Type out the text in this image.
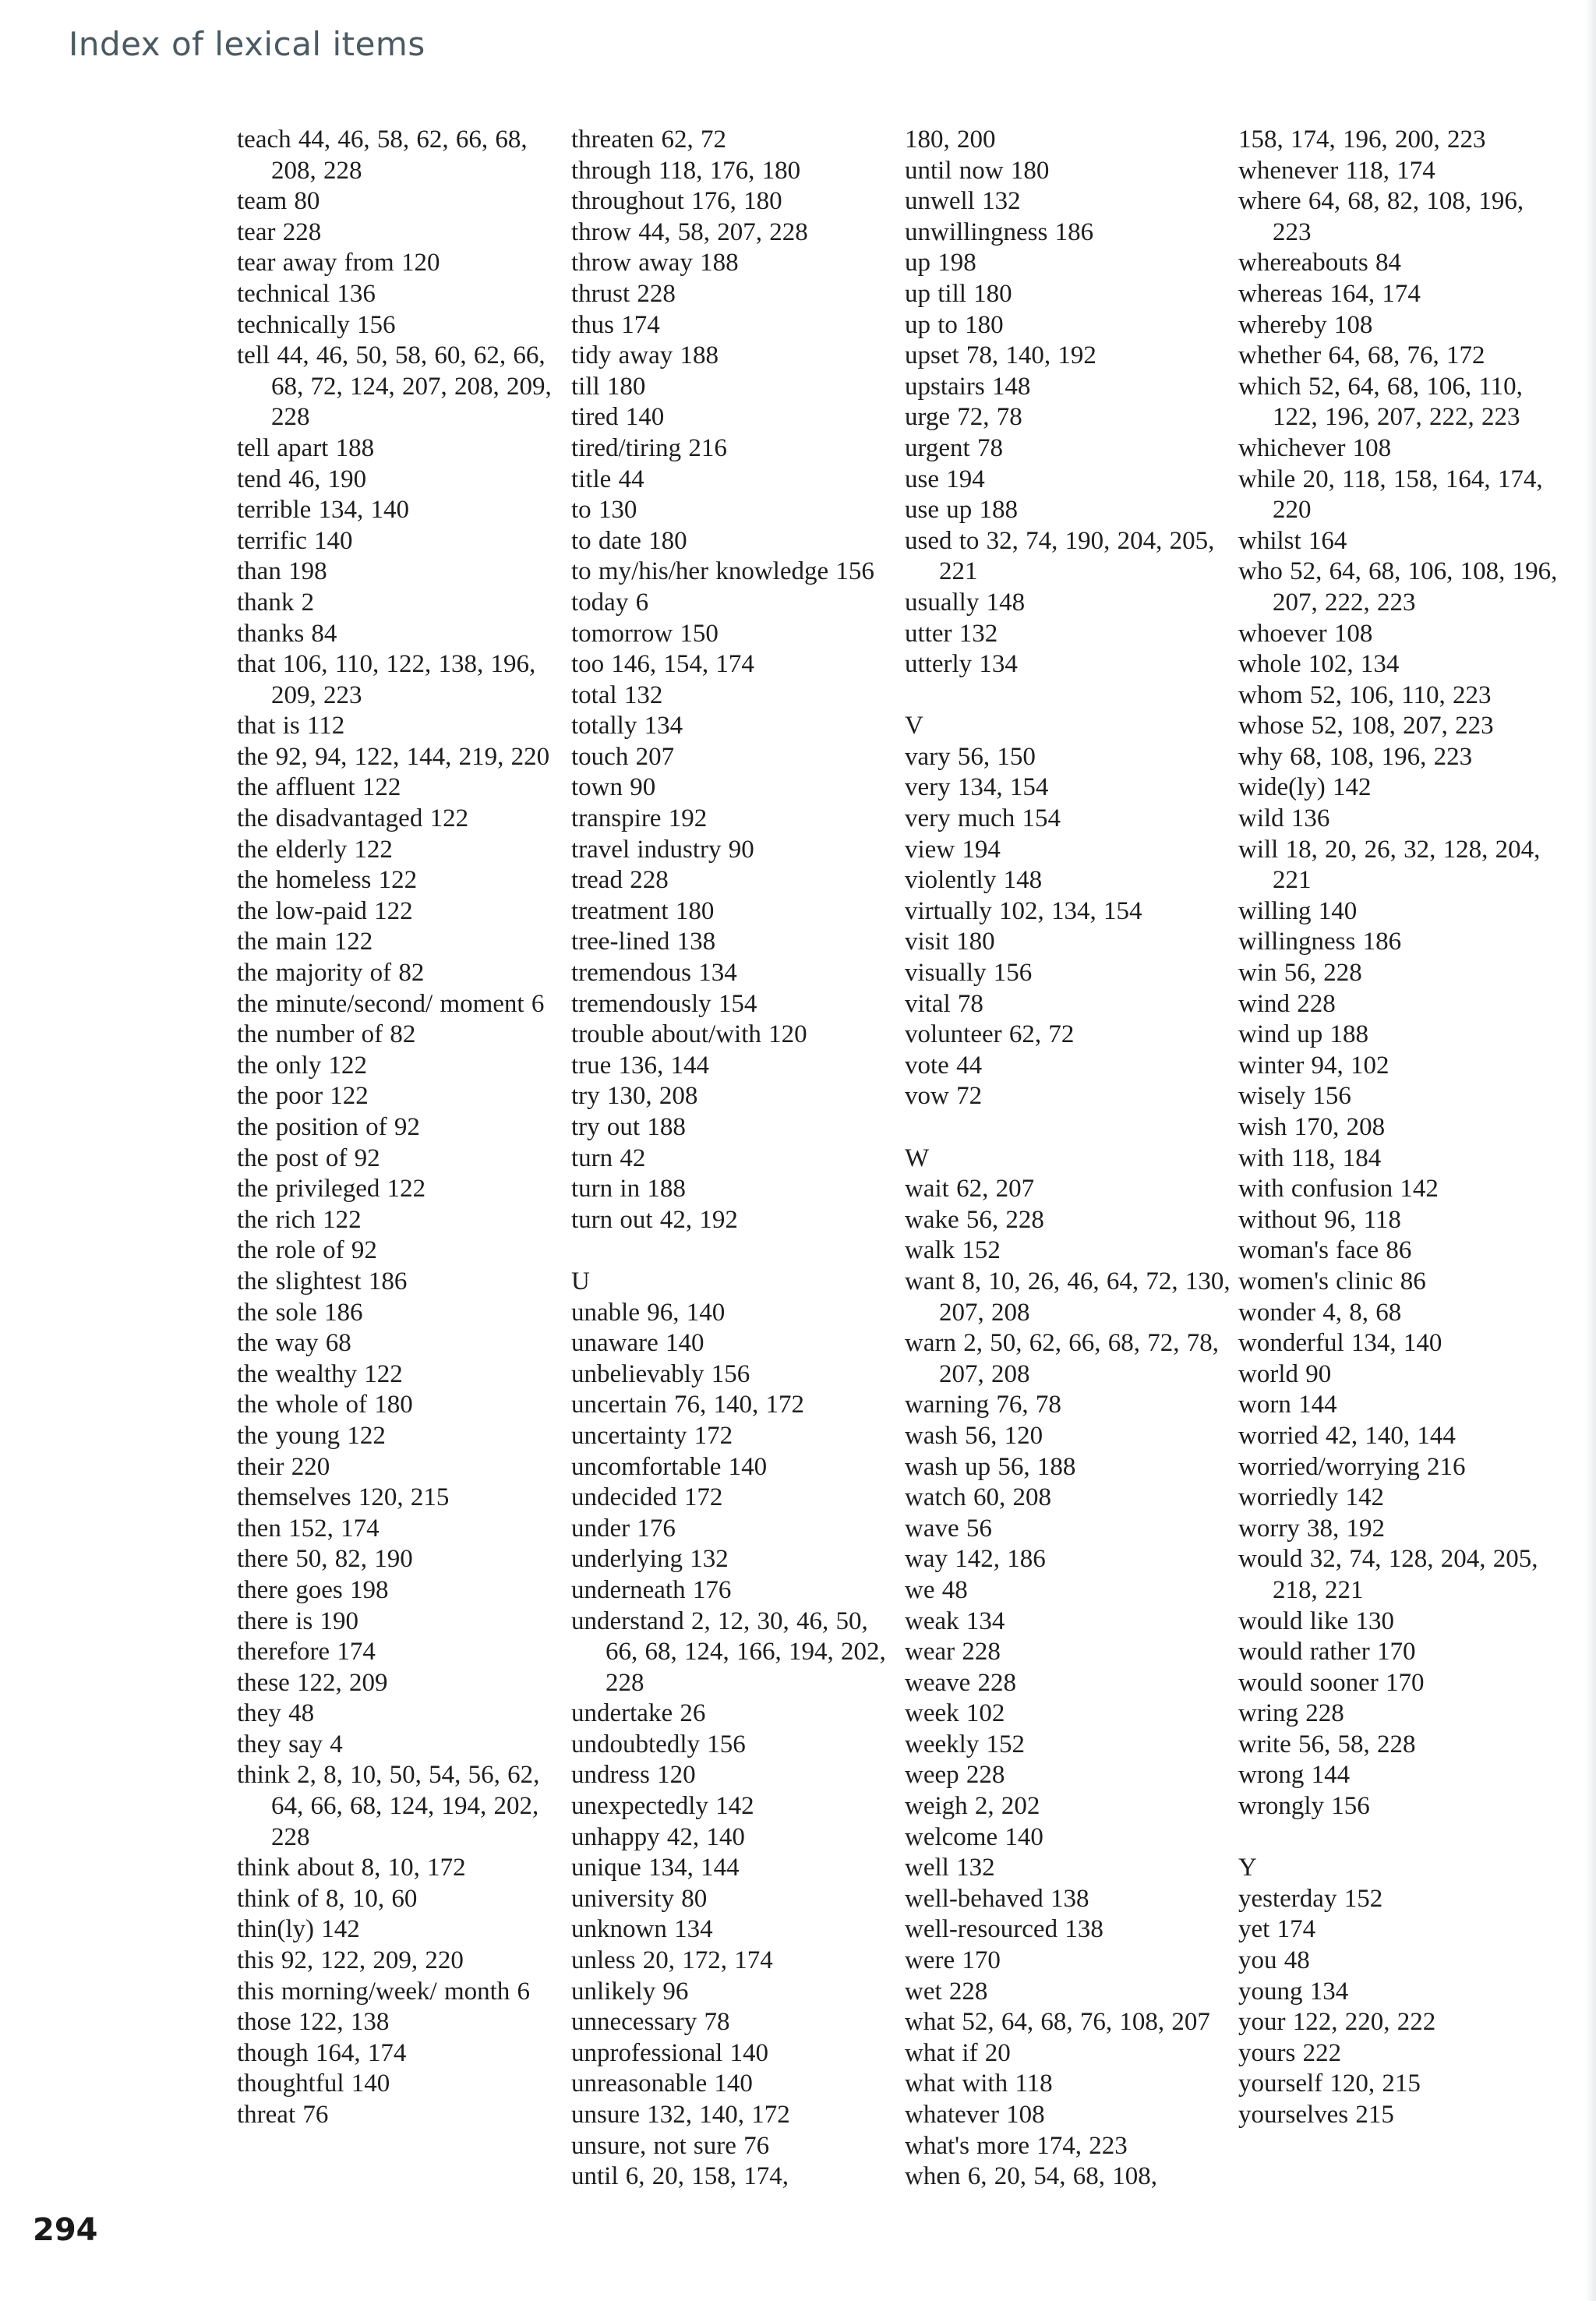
Index of lexical items
teach 44, 46, 58, 62, 66, 68, 208, 228
team 80
tear 228
tear away from 120
technical 136
technically 156
tell 44, 46, 50, 58, 60, 62, 66, 68, 72, 124, 207, 208, 209, 228
tell apart 188
tend 46, 190
terrible 134, 140
terrific 140
than 198
thank 2
thanks 84
that 106, 110, 122, 138, 196, 209, 223
that is 112
the 92, 94, 122, 144, 219, 220
the affluent 122
the disadvantaged 122
the elderly 122
the homeless 122
the low-paid 122
the main 122
the majority of 82
the minute/second/ moment 6
the number of 82
the only 122
the poor 122
the position of 92
the post of 92
the privileged 122
the rich 122
the role of 92
the slightest 186
the sole 186
the way 68
the wealthy 122
the whole of 180
the young 122
their 220
themselves 120, 215
then 152, 174
there 50, 82, 190
there goes 198
there is 190
therefore 174
these 122, 209
they 48
they say 4
think 2, 8, 10, 50, 54, 56, 62, 64, 66, 68, 124, 194, 202, 228
think about 8, 10, 172
think of 8, 10, 60
thin(ly) 142
this 92, 122, 209, 220
this morning/week/ month 6
those 122, 138
though 164, 174
thoughtful 140
threat 76
threaten 62, 72
through 118, 176, 180
throughout 176, 180
throw 44, 58, 207, 228
throw away 188
thrust 228
thus 174
tidy away 188
till 180
tired 140
tired/tiring 216
title 44
to 130
to date 180
to my/his/her knowledge 156
today 6
tomorrow 150
too 146, 154, 174
total 132
totally 134
touch 207
town 90
transpire 192
travel industry 90
tread 228
treatment 180
tree-lined 138
tremendous 134
tremendously 154
trouble about/with 120
true 136, 144
try 130, 208
try out 188
turn 42
turn in 188
turn out 42, 192
U
unable 96, 140
unaware 140
unbelievably 156
uncertain 76, 140, 172
uncertainty 172
uncomfortable 140
undecided 172
under 176
underlying 132
underneath 176
understand 2, 12, 30, 46, 50, 66, 68, 124, 166, 194, 202, 228
undertake 26
undoubtedly 156
undress 120
unexpectedly 142
unhappy 42, 140
unique 134, 144
university 80
unknown 134
unless 20, 172, 174
unlikely 96
unnecessary 78
unprofessional 140
unreasonable 140
unsure 132, 140, 172
unsure, not sure 76
until 6, 20, 158, 174,
180, 200
until now 180
unwell 132
unwillingness 186
up 198
up till 180
up to 180
upset 78, 140, 192
upstairs 148
urge 72, 78
urgent 78
use 194
use up 188
used to 32, 74, 190, 204, 205, 221
usually 148
utter 132
utterly 134
V
vary 56, 150
very 134, 154
very much 154
view 194
violently 148
virtually 102, 134, 154
visit 180
visually 156
vital 78
volunteer 62, 72
vote 44
vow 72
W
wait 62, 207
wake 56, 228
walk 152
want 8, 10, 26, 46, 64, 72, 130, 207, 208
warn 2, 50, 62, 66, 68, 72, 78, 207, 208
warning 76, 78
wash 56, 120
wash up 56, 188
watch 60, 208
wave 56
way 142, 186
we 48
weak 134
wear 228
weave 228
week 102
weekly 152
weep 228
weigh 2, 202
welcome 140
well 132
well-behaved 138
well-resourced 138
were 170
wet 228
what 52, 64, 68, 76, 108, 207
what if 20
what with 118
whatever 108
what's more 174, 223
when 6, 20, 54, 68, 108,
158, 174, 196, 200, 223
whenever 118, 174
where 64, 68, 82, 108, 196, 223
whereabouts 84
whereas 164, 174
whereby 108
whether 64, 68, 76, 172
which 52, 64, 68, 106, 110, 122, 196, 207, 222, 223
whichever 108
while 20, 118, 158, 164, 174, 220
whilst 164
who 52, 64, 68, 106, 108, 196, 207, 222, 223
whoever 108
whole 102, 134
whom 52, 106, 110, 223
whose 52, 108, 207, 223
why 68, 108, 196, 223
wide(ly) 142
wild 136
will 18, 20, 26, 32, 128, 204, 221
willing 140
willingness 186
win 56, 228
wind 228
wind up 188
winter 94, 102
wisely 156
wish 170, 208
with 118, 184
with confusion 142
without 96, 118
woman's face 86
women's clinic 86
wonder 4, 8, 68
wonderful 134, 140
world 90
worn 144
worried 42, 140, 144
worried/worrying 216
worriedly 142
worry 38, 192
would 32, 74, 128, 204, 205, 218, 221
would like 130
would rather 170
would sooner 170
wring 228
write 56, 58, 228
wrong 144
wrongly 156
Y
yesterday 152
yet 174
you 48
young 134
your 122, 220, 222
yours 222
yourself 120, 215
yourselves 215
294
